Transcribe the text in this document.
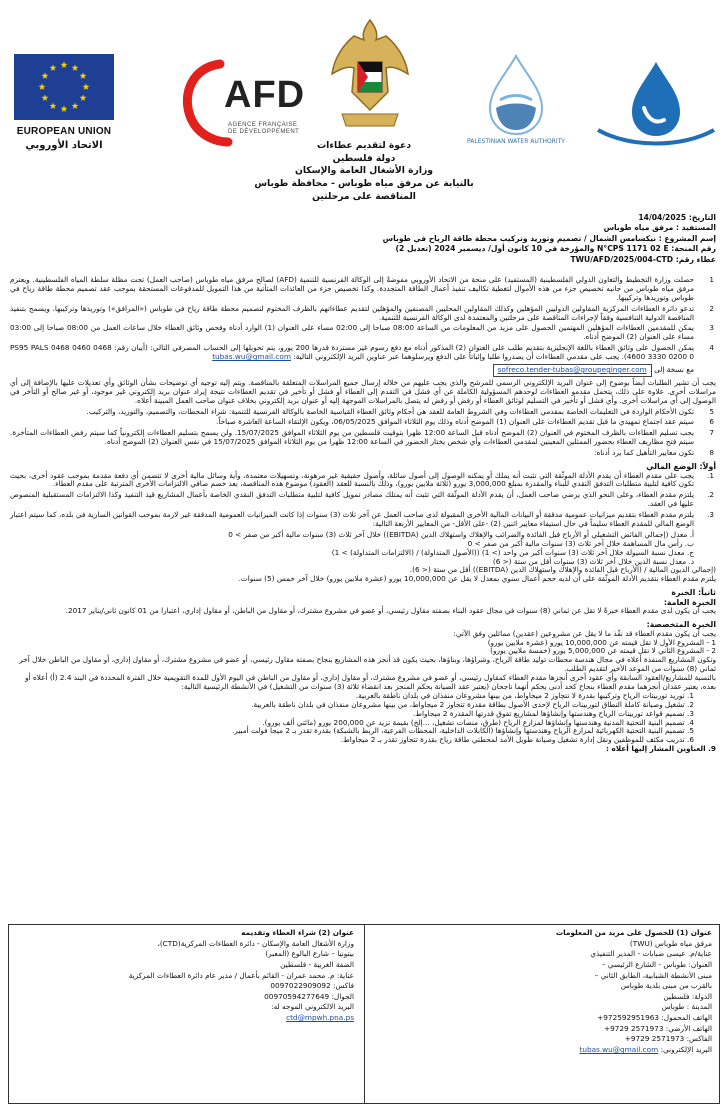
EUROPEAN UNION
الاتحاد الأوروبي
AFD
AGENCE FRANÇAISE
DE DÉVELOPPEMENT
PALESTINIAN WATER AUTHORITY
دعوة لتقديم عطاءات
دولة فلسطين
وزارة الأشغال العامة والإسكان
بالنيابة عن مرفق مياه طوباس - محافظة طوباس
المناقصة على مرحلتين
التاريخ: 14/04/2025
المستفيد : مرفق مياه طوباس
إسم المشروع : نيكسامس الشمال / تصميم وتوريد وتركيب محطة طاقة الرياح في طوباس
رقم المنحة: N°CPS 1171 02 E والمؤرخة في 10 كانون أول/ ديسمبر 2024 (تعديل 2)
عطاء رقم: TWU/AFD/2025/004-CTD
1
حصلت وزارة التخطيط والتعاون الدولي الفلسطينية (المستفيد) على منحة من الاتحاد الأوروبي مفوضةً إلى الوكالة الفرنسية للتنمية (AFD) لصالح مرفق مياه طوباس (صاحب العمل) تحت مظلة سلطة المياه الفلسطينية. ويعتزم مرفق مياه طوباس من جانبه تخصيص جزء من هذه الأموال لتغطية تكاليف تنفيذ أعمال الطاقة المتجددة. وكذا تخصيص جزء من العائدات المتأتية من هذا التمويل للمدفوعات المستحقة بموجب عقد تصميم محطة طاقة رياح في طوباس وتوريدها وتركيبها.
2
تدعو دائرة العطاءات المركزية المقاولين الدوليين المؤهلين وكذلك المقاولين المحليين المصنفين والمؤهلين لتقديم عطاءاتهم بالظرف المختوم لتصميم محطة طاقة رياح في طوباس («المرافق») وتوريدها وتركيبها. ويسمح بتنفيذ المناقصة الدولية التنافسية وفقاً لإجراءات المناقصة على مرحلتين والمعتمدة لدى الوكالة الفرنسية للتنمية.
3
يمكن للمقدمين العطاءات المؤهلين المهتمين الحصول على مزيد من المعلومات من الساعة 08:00 صباحا إلى 02:00 مساء على العنوان (1) الوارد أدناه وفحص وثائق العطاء خلال ساعات العمل من 08:00 صباحا إلى 03:00 مساء على العنوان (2) الموضح أدناه.
4
يمكن الحصول على وثائق العطاء باللغة الإنجليزية بتقديم طلب على العنوان (2) المذكور أدناه مع دفع رسوم غير مستردة قدرها 200 يورو، يتم تحويلها إلى الحساب المصرفي التالي: (أيبان رقم: PS95 PALS 0468 0460 0468 4600 3330 0200 0). يجب على مقدمي العطاءات أن يصدروا طلبا وإثباتاً على الدفع ويرسلوهما عبر عناوين البريد الإلكتروني التالية: tubas.wu@gmail.com
مع نسخة إلى sofreco.tender-tubas@groupeginger.com
يجب أن تشير الطلبات أيضاً بوضوح إلى عنوان البريد الإلكتروني الرسمي للمرشح والذي يجب عليهم من خلاله إرسال جميع المراسلات المتعلقة بالمناقصة. ويتم إليه توجيه أي توضيحات بشأن الوثائق وأي تعديلات عليها بالإضافة إلى أي مراسلات أخرى. علاوة على ذلك، يتحمل مقدمو العطاءات لوحدهم المسؤولية الكاملة عن أي فشل في التقدم إلى العطاء أو فشل أو تأخير في تقديم العطاءات نتيجة إيراد عنوان بريد إلكتروني غير موجود، أو غير صالح أو التأخر في الوصول إلى أي مراسلات أخرى. وأي فشل أو تأخير في التسليم لوثائق العطاء أو رفض أو رفض له يتصل بالمراسلات الموجهة إليه أو عنوان بريد إلكتروني بخلاف عنوان صاحب العمل المبينة أعلاه.
5
تكون الأحكام الواردة في التعليمات الخاصة بمقدمي العطاءات وفي الشروط العامة للعقد هي أحكام وثائق العطاء القياسية الخاصة بالوكالة الفرنسية للتنمية: شراء المحطات، والتصميم، والتوريد، والتركيب.
6
سيتم عقد اجتماع تمهيدي ما قبل تقديم العطاءات على العنوان (1) الموضح أدناه وذلك يوم الثلاثاء الموافق 06/05/2025، ويكون الإلتقاء الساعة العاشرة صباحاً.
7
يجب تسليم العطاءات بالظرف المختوم في العنوان (2) الموضح أدناه قبل الساعة 12:00 ظهرا بتوقيت فلسطين من يوم الثلاثاء الموافق 15/07/2025. ولن يسمح بتسليم العطاءات إلكترونياً كما سيتم رفض العطاءات المتأخرة. سيتم فتح مظاريف العطاء بحضور الممثلين المعينين لمقدمي العطاءات وأي شخص يختار الحضور في الساعة 12:00 ظهرا من يوم الثلاثاء الموافق 15/07/2025 في نفس العنوان (2) الموضح أدناه.
8
تكون معايير التأهيل كما يرد أدناه:
أولاً: الوضع المالي
1.
يجب على مقدم العطاء أن يقدم الأدلة الموثّقة التي تثبت أنه يملك أو يمكنه الوصول إلى أصول سائلة، وأصول حقيقية غير مرهونة، وتسهيلات معتمدة، وأية وسائل مالية أخرى لا تتضمن أي دفعة مقدمة بموجب عقود أخرى، بحيث تكون كافية لتلبية متطلبات التدفق النقدي للبناء والمقدرة بمبلغ 3,000,000 يورو (ثلاثة ملايين يورو)، وذلك بالنسبة للعقد (العقود) موضوع هذه المناقصة، بعد خصم صافي الالتزامات الأخرى المترتبة على مقدم العطاء.
2.
يلتزم مقدم العطاء، وعلى النحو الذي يرضي صاحب العمل، أن يقدم الأدلة الموثّقة التي تثبت أنه يمتلك مصادر تمويل كافية لتلبية متطلبات التدفق النقدي الخاصة بأعمال المشاريع قيد التنفيذ وكذا الالتزامات المستقبلية المنصوص عليها في العقد.
3.
يلتزم مقدم العطاء بتقديم ميزانيات عمومية مدققة أو البيانات المالية الأخرى المقبولة لدى صاحب العمل عن آخر ثلاث (3) سنوات إذا كانت الميزانيات العمومية المدققة غير لازمة بموجب القوانين السارية في بلده، كما سيتم اعتبار الوضع المالي للمقدم العطاء سليماً في حال استيفاء معايير اثنين (2) -على الأقل- من المعايير الأربعة التالية:
أ. معدل (إجمالي الفائض التشغيلي أو الأرباح قبل الفائدة والضرائب والإهلاك واستهلاك الدين (EBITDA)) خلال آخر ثلاث (3) سنوات مالية أكبر من صفر > 0
ب. رأس مال المساهمة خلال آخر ثلاث (3) سنوات مالية أكبر من صفر > 0
ج. معدل نسبة السيولة خلال آخر ثلاث (3) سنوات أكبر من واحد (> 1) ((الأصول المتداولة) / (الالتزامات المتداولة) > 1)
د. معدل نسبة الدين خلال آخر ثلاث (3) سنوات أقل من ستة (< 6)
(إجمالي الديون المالية / (الأرباح قبل الفائدة والإهلاك واستهلاك الدين (EBITDA)) أقل من ستة (< 6).
يلتزم مقدم العطاء بتقديم الأدلة الموثّقة على أن لديه حجم أعمال سنوي بمعدل لا يقل عن 10,000,000 يورو (عشرة ملايين يورو) خلال آخر خمس (5) سنوات.
ثانياً: الخبرة
الخبرة العامة:
يجب أن يكون لدى مقدم العطاء خبرةً لا تقل عن ثماني (8) سنوات في مجال عقود البناء بصفته مقاول رئيسي، أو عضو في مشروع مشترك، أو مقاول من الباطن، أو مقاول إداري، اعتبارا من 01 كانون ثاني/يناير 2017.
الخبرة المتخصصة:
يجب أن يكون مقدم العطاء قد نفّذ ما لا يقل عن مشروعين (عقدين) مماثلين وفق الآتي:
1 - المشروع الأول لا تقل قيمته عن 10,000,000 يورو (عشرة ملايين يورو)
2 - المشروع الثاني لا تقل قيمته عن 5,000,000 يورو (خمسة ملايين يورو)
وتكون المشاريع المنفذة أعلاه في مجال هندسة محطات توليد طاقة الرياح، وشراؤها، وبناؤها، بحيث يكون قد أنجز هذه المشاريع بنجاح بصفته مقاول رئيسي، أو عضو في مشروع مشترك، أو مقاول إداري، أو مقاول من الباطن خلال آخر ثماني (8) سنوات من الموعد الأخير لتقديم الطلب.
بالنسبة للمشاريع/العقود السابقة وأي عقود أخرى أنجزها مقدم العطاء كمقاول رئيسي، أو عضو في مشروع مشترك، أو مقاول إداري، أو مقاول من الباطن في اليوم الأول للمدة التقويمية خلال الفترة المحددة في البند 2.4 (أ) أعلاه أو بعده، يعتبر عقدان أنجزهما مقدم العطاء بنجاح كحد أدنى بحكم أنهما ناجحان (يعتبر عقد الصيانة بحكم المنجز بعد انقضاء ثلاثة (3) سنوات من التشغيل) في الأنشطة الرئيسية التالية:
1. توريد توربينات الرياح وتركيبها بقدرة لا تتجاوز 2 ميجاواط، من بينها مشروعان منفذان في بلدان ناطقة بالعربية.
2. تشغيل وصيانة كاملة النطاق لتوربينات الرياح لإحدى الأصول بطاقة مقدرة تتجاوز 2 ميجاواط، من بينها مشروعان منفذان في بلدان ناطقة بالعربية.
3. تصميم قواعد توربينات الرياح وهندستها وإنشاؤها لمشاريع تفوق قدرتها المقدرة 2 ميجاواط.
4. تصميم البنية التحتية المدنية وهندستها وإنشاؤها لمزارع الرياح (طرق، منصات تشغيل، ...إلخ) بقيمة تزيد عن 200,000 يورو (مائتي ألف يورو).
5. تصميم البنية التحتية الكهربائية لمزارع الرياح وهندستها وإنشاؤها (الكابلات الداخلية، المحطات الفرعية، الربط بالشبكة) بقدرة تقدر بـ 2 ميجا فولت أمبير.
6. تدريب مكثف للموظفين ونقل إدارة تشغيل وصيانة طويل الأمد لمحطتي طاقة رياح بقدرة تتجاوز تقدر بـ 2 ميجاواط.
9. العناوين المشار إليها أعلاه :
عنوان (1) للحصول على مزيد من المعلومات
مرفق مياه طوباس (TWU)
عناية/م. عيسى ضبابات - المدير التنفيذي
العنوان: طوباس - الشارع الرئيسي –
مبنى الأنشطة الشبابية، الطابق الثاني –
بالقرب من مبنى بلدية طوباس
الدولة: فلسطين
المدينة : طوباس
الهاتف المحمول: 972592951963+
الهاتف الأرضي: 2571973 9729+
الفاكس: 2571973 9729+
البريد الإلكتروني: tubas.wu@gmail.com
عنوان (2) شراء العطاء وتقديمه
وزارة الأشغال العامة والإسكان - دائرة العطاءات المركزية(CTD)،
بيتونيا – شارع البالوع (المعبر)
الضفة الغربية - فلسطين
عناية: م. محمد عمران - القائم بأعمال / مدير عام دائرة العطاءات المركزية
فاكس: 0097022909092
الجوال: 00970594277649
البريد الالكتروني الموجه له:
ctd@mpwh.pna.ps
